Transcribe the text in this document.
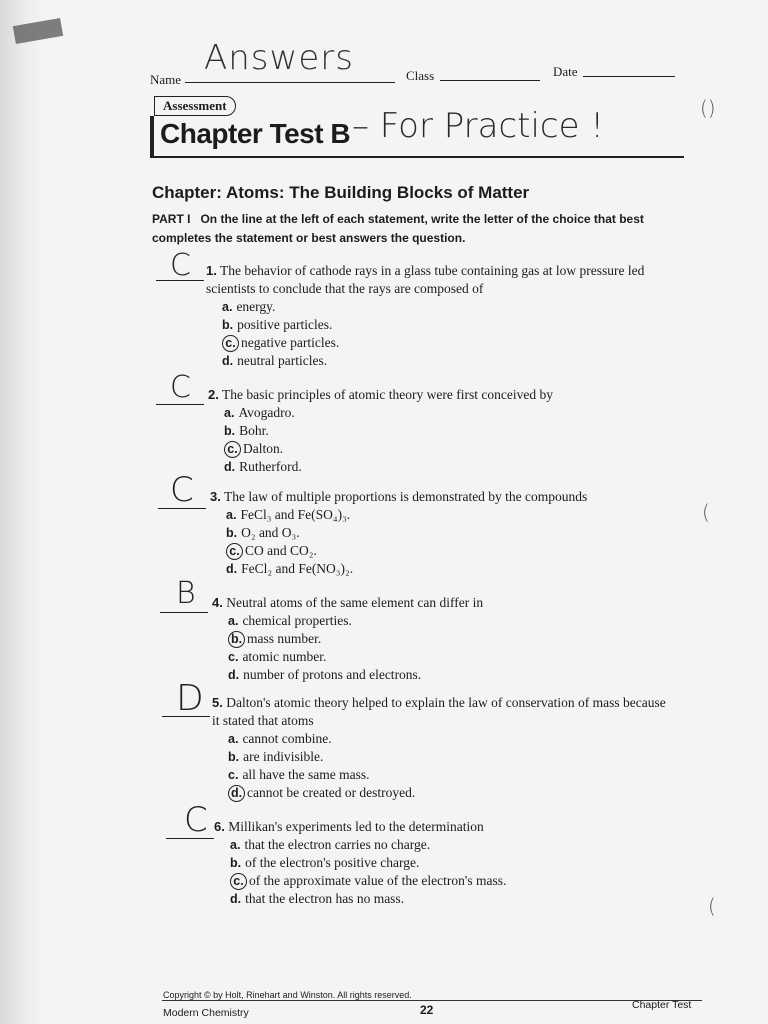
Name
Answers	Class	Date
Assessment
Chapter Test B – For Practice !
Chapter: Atoms: The Building Blocks of Matter
PART I On the line at the left of each statement, write the letter of the choice that best completes the statement or best answers the question.
C 1. The behavior of cathode rays in a glass tube containing gas at low pressure led scientists to conclude that the rays are composed of
a. energy.
b. positive particles.
c. negative particles.
d. neutral particles.
C 2. The basic principles of atomic theory were first conceived by
a. Avogadro.
b. Bohr.
c. Dalton.
d. Rutherford.
C 3. The law of multiple proportions is demonstrated by the compounds
a. FeCl₃ and Fe(SO₄)₃.
b. O₂ and O₃.
c. CO and CO₂.
d. FeCl₂ and Fe(NO₃)₂.
B 4. Neutral atoms of the same element can differ in
a. chemical properties.
b. mass number.
c. atomic number.
d. number of protons and electrons.
D 5. Dalton's atomic theory helped to explain the law of conservation of mass because it stated that atoms
a. cannot combine.
b. are indivisible.
c. all have the same mass.
d. cannot be created or destroyed.
C 6. Millikan's experiments led to the determination
a. that the electron carries no charge.
b. of the electron's positive charge.
c. of the approximate value of the electron's mass.
d. that the electron has no mass.
()
(
(
Copyright © by Holt, Rinehart and Winston. All rights reserved.
Modern Chemistry	22	Chapter Test
